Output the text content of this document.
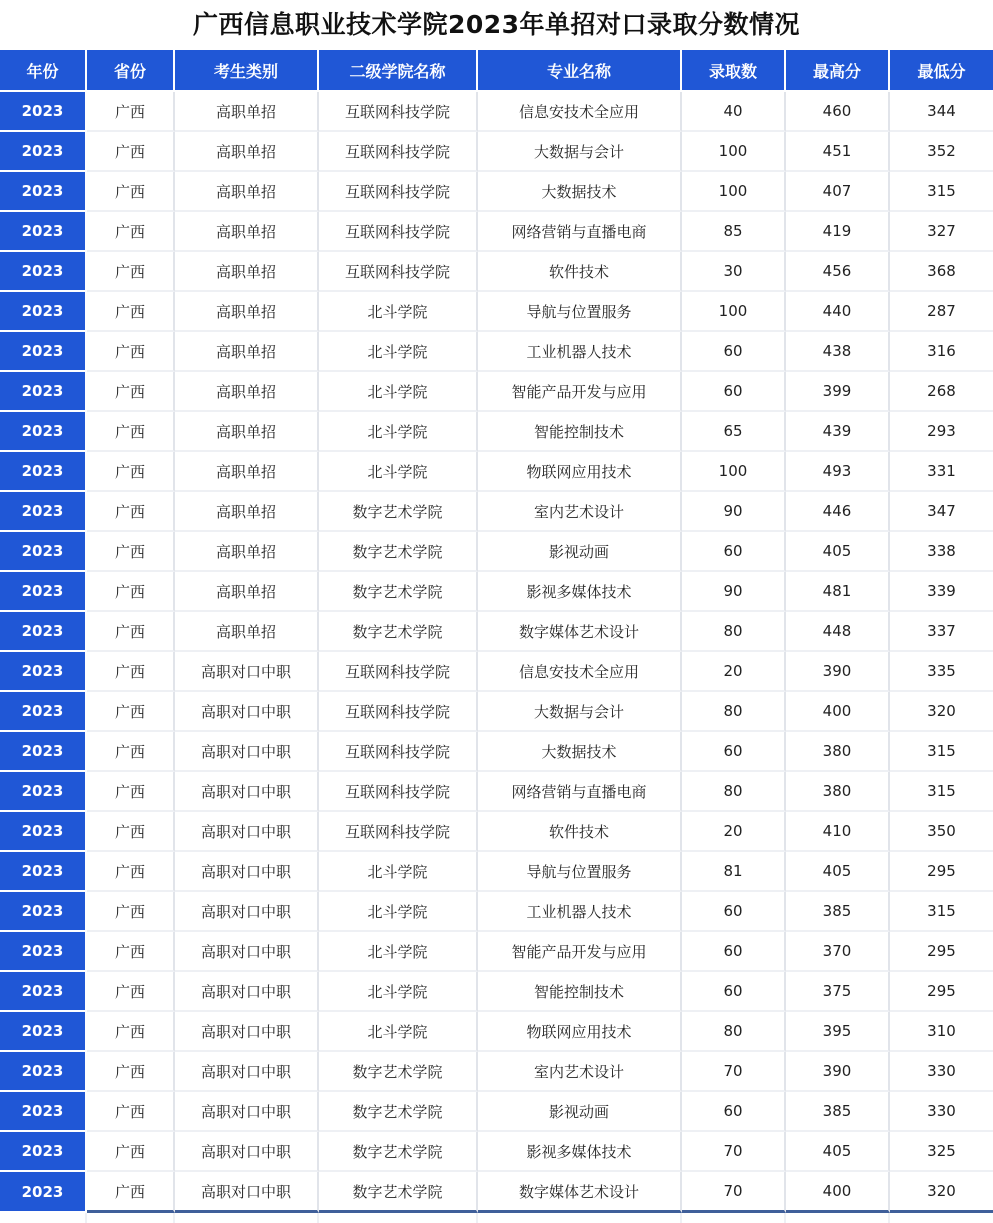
广西信息职业技术学院2023年单招对口录取分数情况
年份	省份	考生类别	二级学院名称	专业名称	录取数	最高分	最低分
2023	广西	高职单招	互联网科技学院	信息安技术全应用	40	460	344
2023	广西	高职单招	互联网科技学院	大数据与会计	100	451	352
2023	广西	高职单招	互联网科技学院	大数据技术	100	407	315
2023	广西	高职单招	互联网科技学院	网络营销与直播电商	85	419	327
2023	广西	高职单招	互联网科技学院	软件技术	30	456	368
2023	广西	高职单招	北斗学院	导航与位置服务	100	440	287
2023	广西	高职单招	北斗学院	工业机器人技术	60	438	316
2023	广西	高职单招	北斗学院	智能产品开发与应用	60	399	268
2023	广西	高职单招	北斗学院	智能控制技术	65	439	293
2023	广西	高职单招	北斗学院	物联网应用技术	100	493	331
2023	广西	高职单招	数字艺术学院	室内艺术设计	90	446	347
2023	广西	高职单招	数字艺术学院	影视动画	60	405	338
2023	广西	高职单招	数字艺术学院	影视多媒体技术	90	481	339
2023	广西	高职单招	数字艺术学院	数字媒体艺术设计	80	448	337
2023	广西	高职对口中职	互联网科技学院	信息安技术全应用	20	390	335
2023	广西	高职对口中职	互联网科技学院	大数据与会计	80	400	320
2023	广西	高职对口中职	互联网科技学院	大数据技术	60	380	315
2023	广西	高职对口中职	互联网科技学院	网络营销与直播电商	80	380	315
2023	广西	高职对口中职	互联网科技学院	软件技术	20	410	350
2023	广西	高职对口中职	北斗学院	导航与位置服务	81	405	295
2023	广西	高职对口中职	北斗学院	工业机器人技术	60	385	315
2023	广西	高职对口中职	北斗学院	智能产品开发与应用	60	370	295
2023	广西	高职对口中职	北斗学院	智能控制技术	60	375	295
2023	广西	高职对口中职	北斗学院	物联网应用技术	80	395	310
2023	广西	高职对口中职	数字艺术学院	室内艺术设计	70	390	330
2023	广西	高职对口中职	数字艺术学院	影视动画	60	385	330
2023	广西	高职对口中职	数字艺术学院	影视多媒体技术	70	405	325
2023	广西	高职对口中职	数字艺术学院	数字媒体艺术设计	70	400	320
